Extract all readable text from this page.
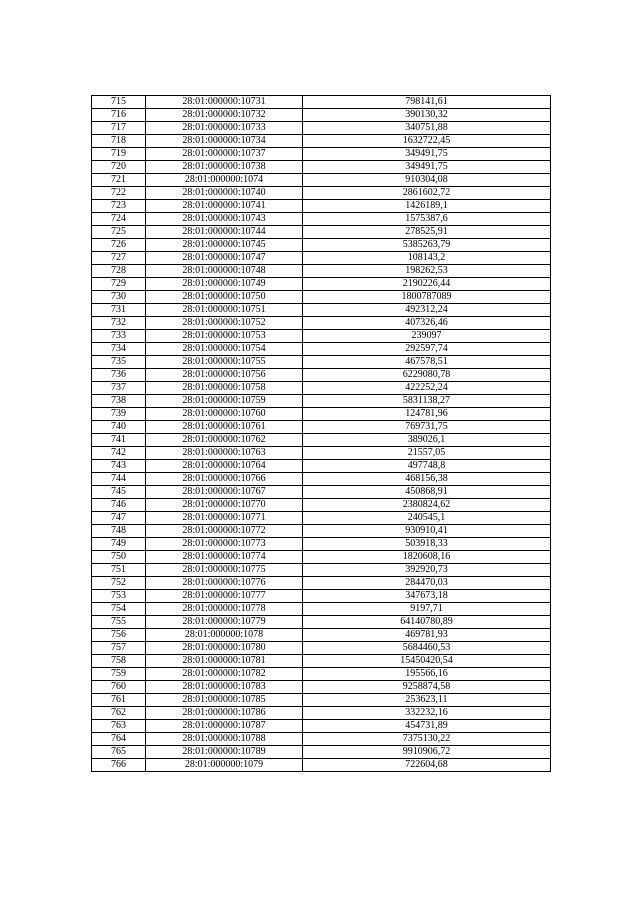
715	28:01:000000:10731	798141,61
716	28:01:000000:10732	390130,32
717	28:01:000000:10733	340751,88
718	28:01:000000:10734	1632722,45
719	28:01:000000:10737	349491,75
720	28:01:000000:10738	349491,75
721	28:01:000000:1074	910304,08
722	28:01:000000:10740	2861602,72
723	28:01:000000:10741	1426189,1
724	28:01:000000:10743	1575387,6
725	28:01:000000:10744	278525,91
726	28:01:000000:10745	5385263,79
727	28:01:000000:10747	108143,2
728	28:01:000000:10748	198262,53
729	28:01:000000:10749	2190226,44
730	28:01:000000:10750	1800787089
731	28:01:000000:10751	492312,24
732	28:01:000000:10752	407326,46
733	28:01:000000:10753	239097
734	28:01:000000:10754	292597,74
735	28:01:000000:10755	467578,51
736	28:01:000000:10756	6229080,78
737	28:01:000000:10758	422252,24
738	28:01:000000:10759	5831138,27
739	28:01:000000:10760	124781,96
740	28:01:000000:10761	769731,75
741	28:01:000000:10762	389026,1
742	28:01:000000:10763	21557,05
743	28:01:000000:10764	497748,8
744	28:01:000000:10766	468156,38
745	28:01:000000:10767	450868,91
746	28:01:000000:10770	2380824,62
747	28:01:000000:10771	240545,1
748	28:01:000000:10772	930910,41
749	28:01:000000:10773	503918,33
750	28:01:000000:10774	1820608,16
751	28:01:000000:10775	392920,73
752	28:01:000000:10776	284470,03
753	28:01:000000:10777	347673,18
754	28:01:000000:10778	9197,71
755	28:01:000000:10779	64140780,89
756	28:01:000000:1078	469781,93
757	28:01:000000:10780	5684460,53
758	28:01:000000:10781	15450420,54
759	28:01:000000:10782	195566,16
760	28:01:000000:10783	9258874,58
761	28:01:000000:10785	253623,11
762	28:01:000000:10786	332232,16
763	28:01:000000:10787	454731,89
764	28:01:000000:10788	7375130,22
765	28:01:000000:10789	9910906,72
766	28:01:000000:1079	722604,68
